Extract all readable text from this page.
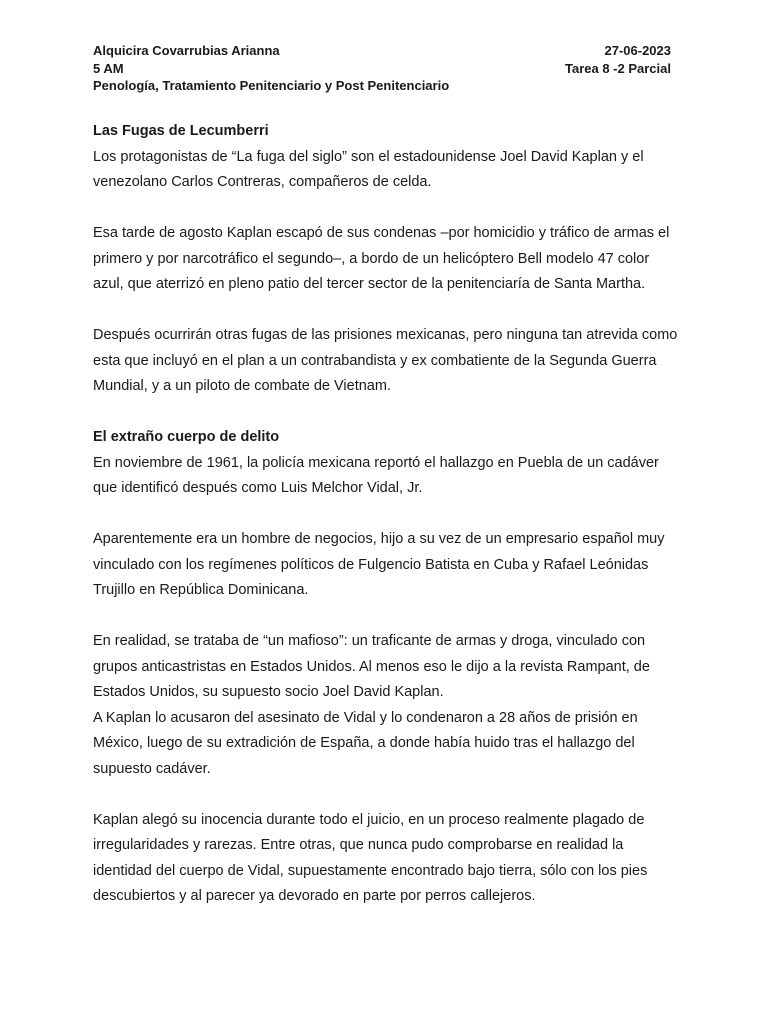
Alquicira Covarrubias Arianna	27-06-2023
5 AM	Tarea 8 -2 Parcial
Penología, Tratamiento Penitenciario y Post Penitenciario
Las Fugas de Lecumberri

Los protagonistas de “La fuga del siglo” son el estadounidense Joel David Kaplan y el venezolano Carlos Contreras, compañeros de celda.

Esa tarde de agosto Kaplan escapó de sus condenas –por homicidio y tráfico de armas el primero y por narcotráfico el segundo–, a bordo de un helicóptero Bell modelo 47 color azul, que aterrizó en pleno patio del tercer sector de la penitenciaría de Santa Martha.

Después ocurrirán otras fugas de las prisiones mexicanas, pero ninguna tan atrevida como esta que incluyó en el plan a un contrabandista y ex combatiente de la Segunda Guerra Mundial, y a un piloto de combate de Vietnam.

El extraño cuerpo de delito

En noviembre de 1961, la policía mexicana reportó el hallazgo en Puebla de un cadáver que identificó después como Luis Melchor Vidal, Jr.

Aparentemente era un hombre de negocios, hijo a su vez de un empresario español muy vinculado con los regímenes políticos de Fulgencio Batista en Cuba y Rafael Leónidas Trujillo en República Dominicana.

En realidad, se trataba de “un mafioso”: un traficante de armas y droga, vinculado con grupos anticastristas en Estados Unidos. Al menos eso le dijo a la revista Rampant, de Estados Unidos, su supuesto socio Joel David Kaplan.

A Kaplan lo acusaron del asesinato de Vidal y lo condenaron a 28 años de prisión en México, luego de su extradición de España, a donde había huido tras el hallazgo del supuesto cadáver.

Kaplan alegó su inocencia durante todo el juicio, en un proceso realmente plagado de irregularidades y rarezas. Entre otras, que nunca pudo comprobarse en realidad la identidad del cuerpo de Vidal, supuestamente encontrado bajo tierra, sólo con los pies descubiertos y al parecer ya devorado en parte por perros callejeros.
